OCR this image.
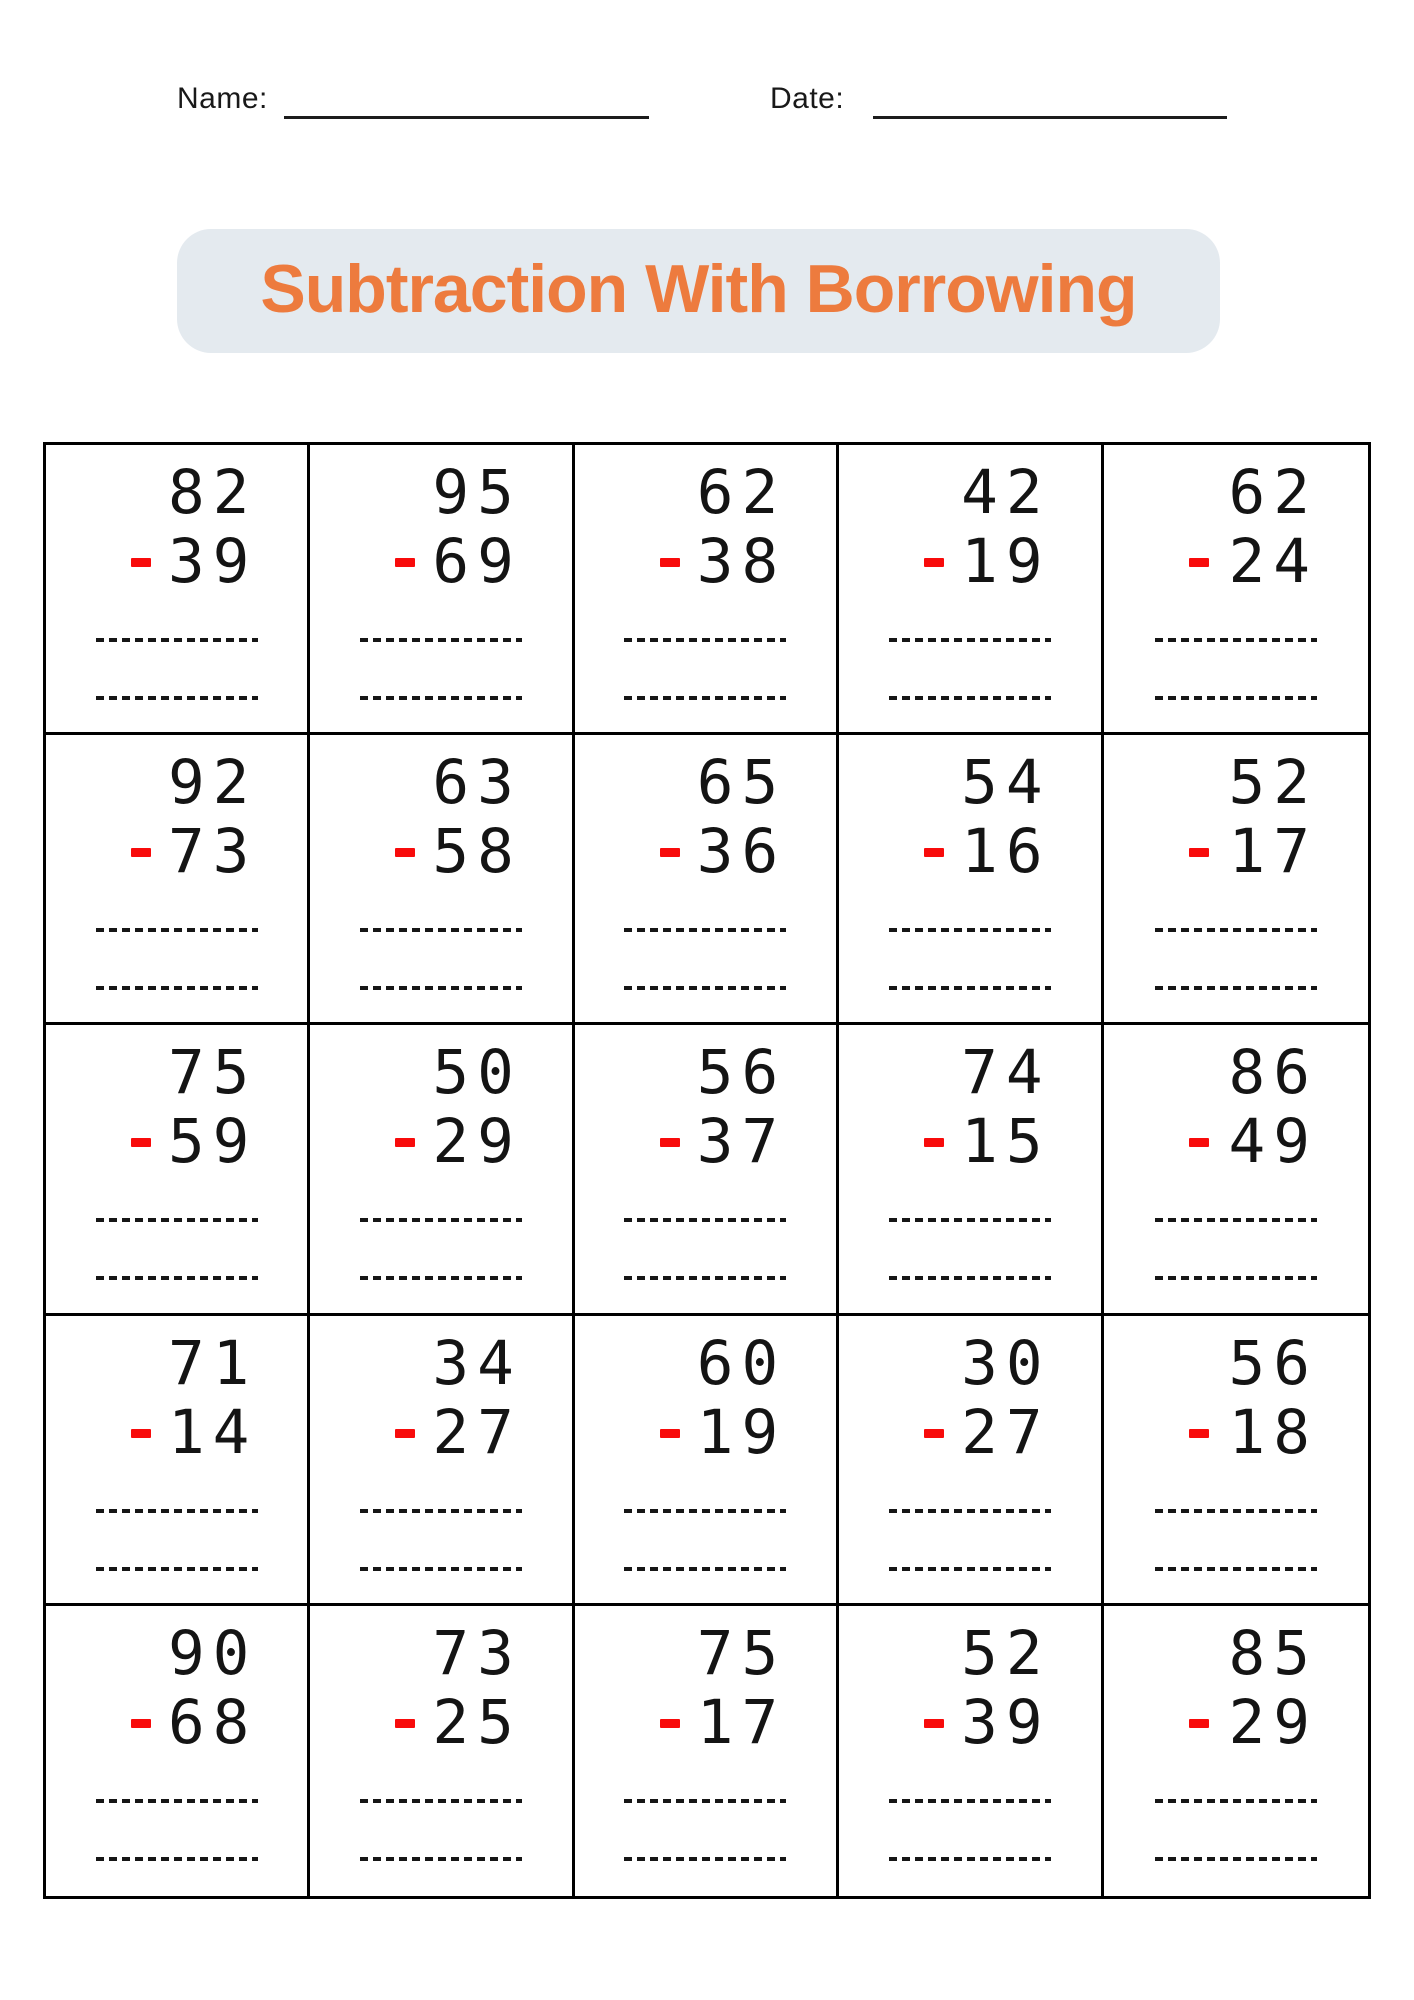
Name:	Date:
Subtraction With Borrowing
82
39
95
69
62
38
42
19
62
24
92
73
63
58
65
36
54
16
52
17
75
59
50
29
56
37
74
15
86
49
71
14
34
27
60
19
30
27
56
18
90
68
73
25
75
17
52
39
85
29
